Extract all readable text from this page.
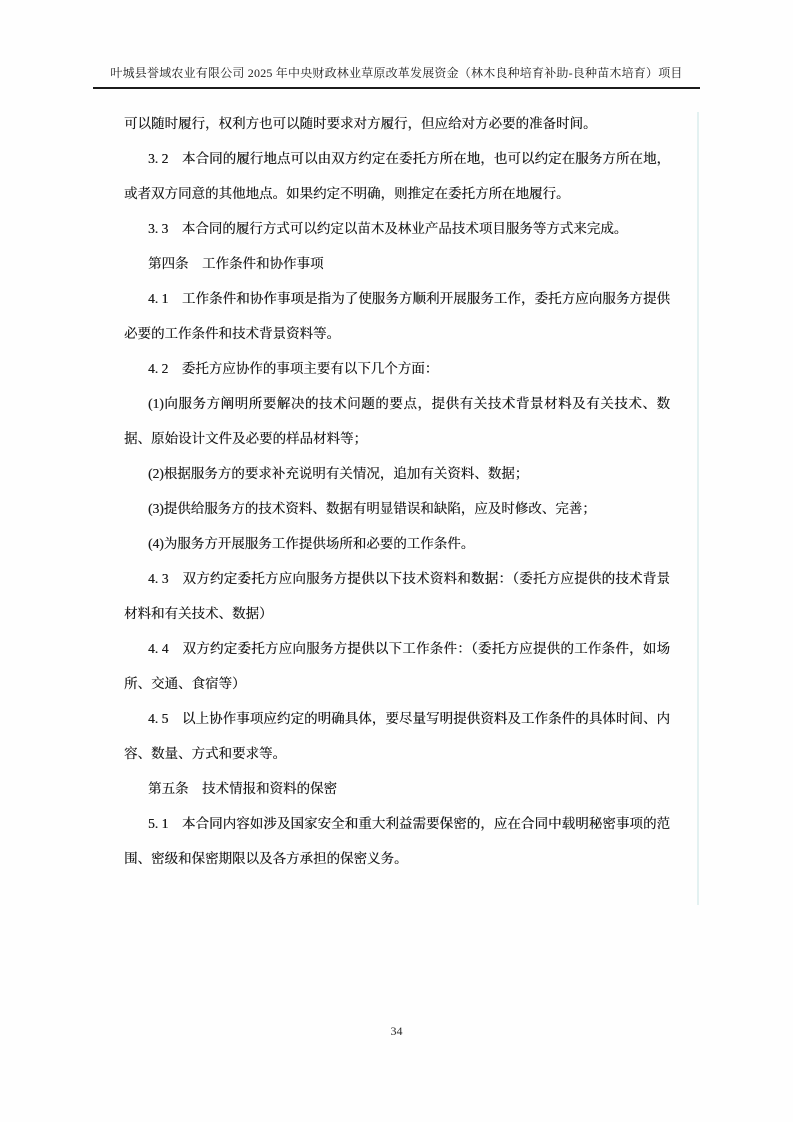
叶城县誉域农业有限公司 2025 年中央财政林业草原改革发展资金（林木良种培育补助-良种苗木培育）项目

可以随时履行，权利方也可以随时要求对方履行，但应给对方必要的准备时间。

3. 2　本合同的履行地点可以由双方约定在委托方所在地，也可以约定在服务方所在地，或者双方同意的其他地点。如果约定不明确，则推定在委托方所在地履行。

3. 3　本合同的履行方式可以约定以苗木及林业产品技术项目服务等方式来完成。

第四条　工作条件和协作事项

4. 1　工作条件和协作事项是指为了使服务方顺利开展服务工作，委托方应向服务方提供必要的工作条件和技术背景资料等。

4. 2　委托方应协作的事项主要有以下几个方面：

(1)向服务方阐明所要解决的技术问题的要点，提供有关技术背景材料及有关技术、数据、原始设计文件及必要的样品材料等；

(2)根据服务方的要求补充说明有关情况，追加有关资料、数据；

(3)提供给服务方的技术资料、数据有明显错误和缺陷，应及时修改、完善；

(4)为服务方开展服务工作提供场所和必要的工作条件。

4. 3　双方约定委托方应向服务方提供以下技术资料和数据：（委托方应提供的技术背景材料和有关技术、数据）

4. 4　双方约定委托方应向服务方提供以下工作条件：（委托方应提供的工作条件，如场所、交通、食宿等）

4. 5　以上协作事项应约定的明确具体，要尽量写明提供资料及工作条件的具体时间、内容、数量、方式和要求等。

第五条　技术情报和资料的保密

5. 1　本合同内容如涉及国家安全和重大利益需要保密的，应在合同中载明秘密事项的范围、密级和保密期限以及各方承担的保密义务。

34
